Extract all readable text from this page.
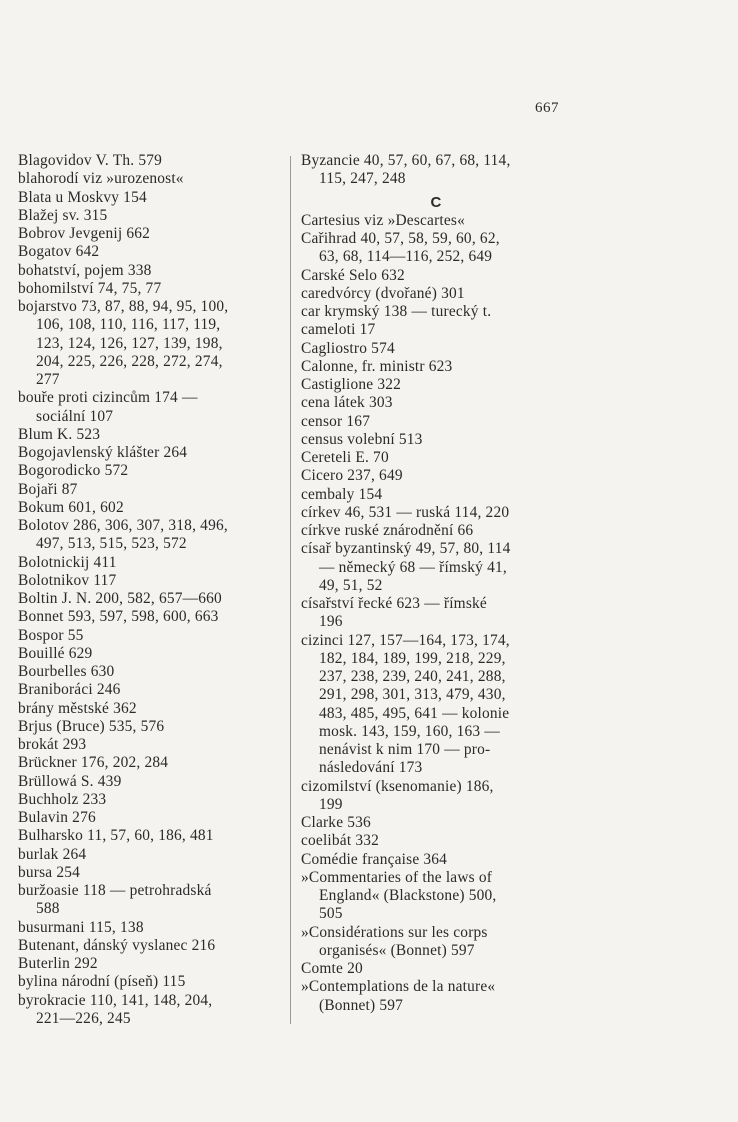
667
Blagovidov V. Th. 579
blahorodí viz »urozenost«
Blata u Moskvy 154
Blažej sv. 315
Bobrov Jevgenij 662
Bogatov 642
bohatství, pojem 338
bohomilství 74, 75, 77
bojarstvo 73, 87, 88, 94, 95, 100,
106, 108, 110, 116, 117, 119,
123, 124, 126, 127, 139, 198,
204, 225, 226, 228, 272, 274,
277
bouře proti cizincům 174 —
sociální 107
Blum K. 523
Bogojavlenský klášter 264
Bogorodicko 572
Bojaři 87
Bokum 601, 602
Bolotov 286, 306, 307, 318, 496,
497, 513, 515, 523, 572
Bolotnickij 411
Bolotnikov 117
Boltin J. N. 200, 582, 657—660
Bonnet 593, 597, 598, 600, 663
Bospor 55
Bouillé 629
Bourbelles 630
Braniboráci 246
brány městské 362
Brjus (Bruce) 535, 576
brokát 293
Brückner 176, 202, 284
Brüllowá S. 439
Buchholz 233
Bulavin 276
Bulharsko 11, 57, 60, 186, 481
burlak 264
bursa 254
buržoasie 118 — petrohradská
588
busurmani 115, 138
Butenant, dánský vyslanec 216
Buterlin 292
bylina národní (píseň) 115
byrokracie 110, 141, 148, 204,
221—226, 245
Byzancie 40, 57, 60, 67, 68, 114,
115, 247, 248
C
Cartesius viz »Descartes«
Cařihrad 40, 57, 58, 59, 60, 62,
63, 68, 114—116, 252, 649
Carské Selo 632
caredvórcy (dvořané) 301
car krymský 138 — turecký t.
cameloti 17
Cagliostro 574
Calonne, fr. ministr 623
Castiglione 322
cena látek 303
censor 167
census volební 513
Cereteli E. 70
Cicero 237, 649
cembaly 154
církev 46, 531 — ruská 114, 220
církve ruské znárodnění 66
císař byzantinský 49, 57, 80, 114
— německý 68 — římský 41,
49, 51, 52
císařství řecké 623 — římské
196
cizinci 127, 157—164, 173, 174,
182, 184, 189, 199, 218, 229,
237, 238, 239, 240, 241, 288,
291, 298, 301, 313, 479, 430,
483, 485, 495, 641 — kolonie
mosk. 143, 159, 160, 163 —
nenávist k nim 170 — pro-
následování 173
cizomilství (ksenomanie) 186,
199
Clarke 536
coelibát 332
Comédie française 364
»Commentaries of the laws of
England« (Blackstone) 500,
505
»Considérations sur les corps
organisés« (Bonnet) 597
Comte 20
»Contemplations de la nature«
(Bonnet) 597
